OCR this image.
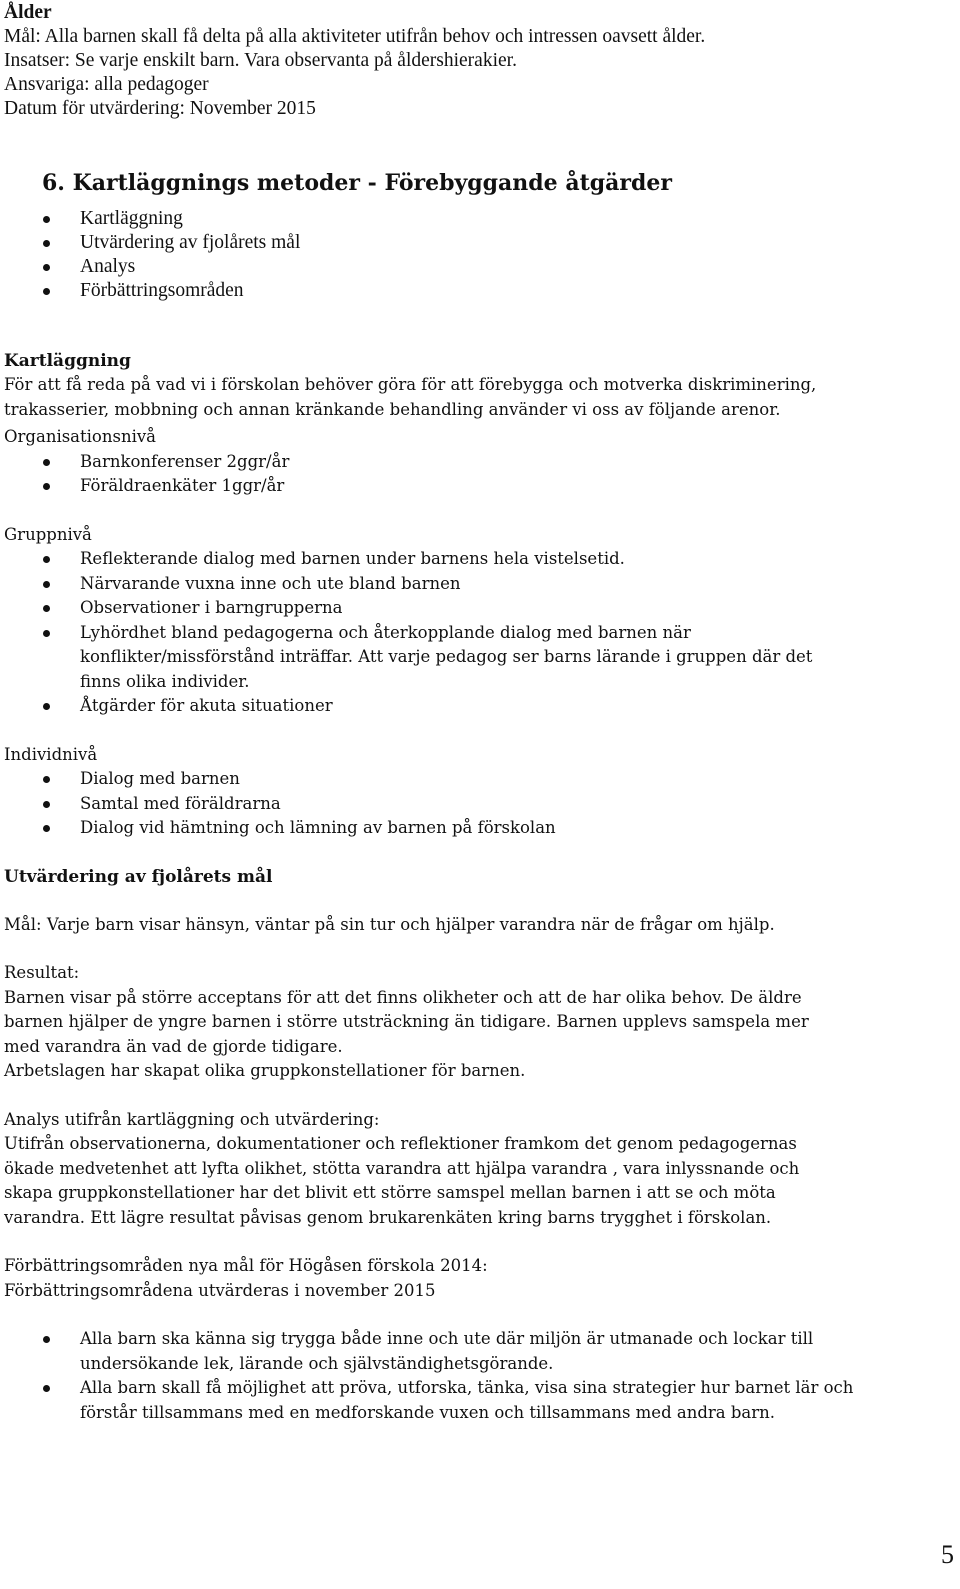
Ålder
Mål: Alla barnen skall få delta på alla aktiviteter utifrån behov och intressen oavsett ålder.
Insatser: Se varje enskilt barn. Vara observanta på åldershierakier.
Ansvariga: alla pedagoger
Datum för utvärdering: November 2015
6. Kartläggnings metoder - Förebyggande åtgärder
Kartläggning
Utvärdering av fjolårets mål
Analys
Förbättringsområden
Kartläggning
För att få reda på vad vi i förskolan behöver göra för att förebygga och motverka diskriminering,
trakasserier, mobbning och annan kränkande behandling använder vi oss av följande arenor.
Organisationsnivå
Barnkonferenser 2ggr/år
Föräldraenkäter 1ggr/år
Gruppnivå
Reflekterande dialog med barnen under barnens hela vistelsetid.
Närvarande vuxna inne och ute bland barnen
Observationer i barngrupperna
Lyhördhet bland pedagogerna och återkopplande dialog med barnen när
konflikter/missförstånd inträffar. Att varje pedagog ser barns lärande i gruppen där det
finns olika individer.
Åtgärder för akuta situationer
Individnivå
Dialog med barnen
Samtal med föräldrarna
Dialog vid hämtning och lämning av barnen på förskolan
Utvärdering av fjolårets mål
Mål: Varje barn visar hänsyn, väntar på sin tur och hjälper varandra när de frågar om hjälp.
Resultat:
Barnen visar på större acceptans för att det finns olikheter och att de har olika behov. De äldre
barnen hjälper de yngre barnen i större utsträckning än tidigare. Barnen upplevs samspela mer
med varandra än vad de gjorde tidigare.
Arbetslagen har skapat olika gruppkonstellationer för barnen.
Analys utifrån kartläggning och utvärdering:
Utifrån observationerna, dokumentationer och reflektioner framkom det genom pedagogernas
ökade medvetenhet att lyfta olikhet, stötta varandra att hjälpa varandra , vara inlyssnande och
skapa gruppkonstellationer har det blivit ett större samspel mellan barnen i att se och möta
varandra. Ett lägre resultat påvisas genom brukarenkäten kring barns trygghet i förskolan.
Förbättringsområden nya mål för Högåsen förskola 2014:
Förbättringsområdena utvärderas i november 2015
Alla barn ska känna sig trygga både inne och ute där miljön är utmanade och lockar till
undersökande lek, lärande och självständighetsgörande.
Alla barn skall få möjlighet att pröva, utforska, tänka, visa sina strategier hur barnet lär och
förstår tillsammans med en medforskande vuxen och tillsammans med andra barn.
5
